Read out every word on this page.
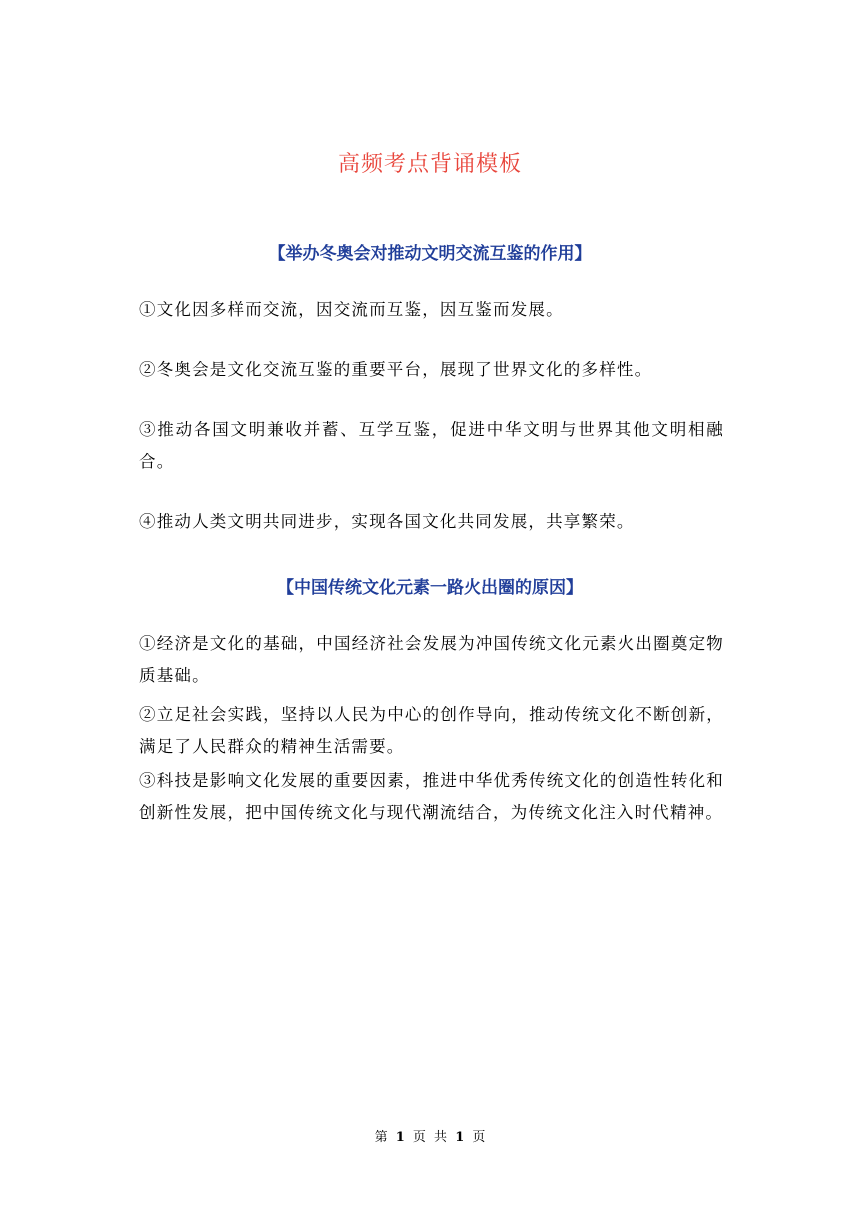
高频考点背诵模板
【举办冬奥会对推动文明交流互鉴的作用】
①文化因多样而交流，因交流而互鉴，因互鉴而发展。
②冬奥会是文化交流互鉴的重要平台，展现了世界文化的多样性。
③推动各国文明兼收并蓄、互学互鉴，促进中华文明与世界其他文明相融合。
④推动人类文明共同进步，实现各国文化共同发展，共享繁荣。
【中国传统文化元素一路火出圈的原因】
①经济是文化的基础，中国经济社会发展为冲国传统文化元素火出圈奠定物质基础。
②立足社会实践，坚持以人民为中心的创作导向，推动传统文化不断创新，满足了人民群众的精神生活需要。
③科技是影响文化发展的重要因素，推进中华优秀传统文化的创造性转化和创新性发展，把中国传统文化与现代潮流结合，为传统文化注入时代精神。
第 1 页 共 1 页
